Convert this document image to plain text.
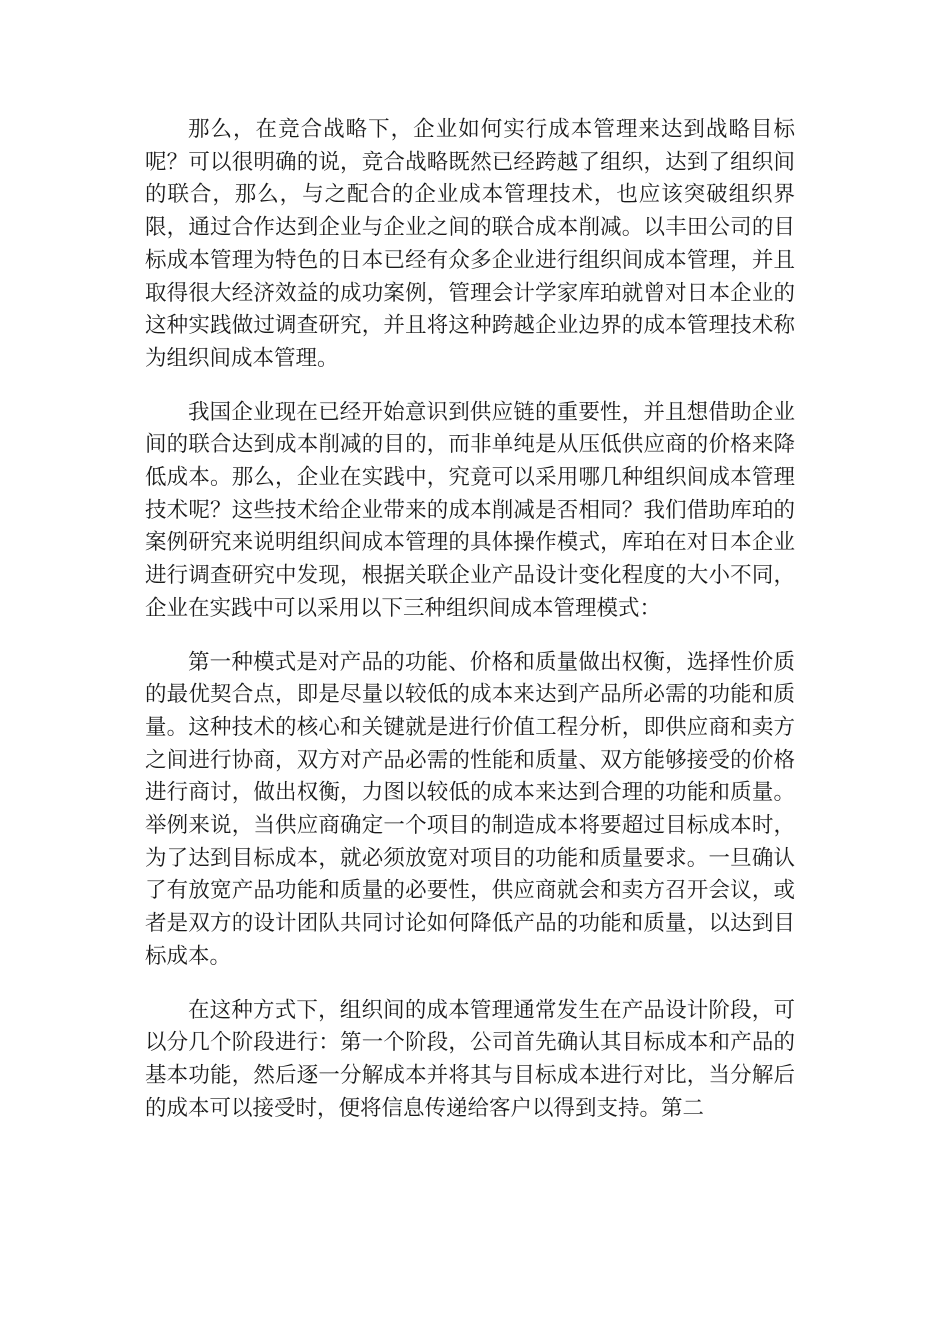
那么，在竞合战略下，企业如何实行成本管理来达到战略目标呢？可以很明确的说，竞合战略既然已经跨越了组织，达到了组织间的联合，那么，与之配合的企业成本管理技术，也应该突破组织界限，通过合作达到企业与企业之间的联合成本削减。以丰田公司的目标成本管理为特色的日本已经有众多企业进行组织间成本管理，并且取得很大经济效益的成功案例，管理会计学家库珀就曾对日本企业的这种实践做过调查研究，并且将这种跨越企业边界的成本管理技术称为组织间成本管理。

我国企业现在已经开始意识到供应链的重要性，并且想借助企业间的联合达到成本削减的目的，而非单纯是从压低供应商的价格来降低成本。那么，企业在实践中，究竟可以采用哪几种组织间成本管理技术呢？这些技术给企业带来的成本削减是否相同？我们借助库珀的案例研究来说明组织间成本管理的具体操作模式，库珀在对日本企业进行调查研究中发现，根据关联企业产品设计变化程度的大小不同，企业在实践中可以采用以下三种组织间成本管理模式：

第一种模式是对产品的功能、价格和质量做出权衡，选择性价质的最优契合点，即是尽量以较低的成本来达到产品所必需的功能和质量。这种技术的核心和关键就是进行价值工程分析，即供应商和卖方之间进行协商，双方对产品必需的性能和质量、双方能够接受的价格进行商讨，做出权衡，力图以较低的成本来达到合理的功能和质量。举例来说，当供应商确定一个项目的制造成本将要超过目标成本时，为了达到目标成本，就必须放宽对项目的功能和质量要求。一旦确认了有放宽产品功能和质量的必要性，供应商就会和卖方召开会议，或者是双方的设计团队共同讨论如何降低产品的功能和质量，以达到目标成本。

在这种方式下，组织间的成本管理通常发生在产品设计阶段，可以分几个阶段进行：第一个阶段，公司首先确认其目标成本和产品的基本功能，然后逐一分解成本并将其与目标成本进行对比，当分解后的成本可以接受时，便将信息传递给客户以得到支持。第二
